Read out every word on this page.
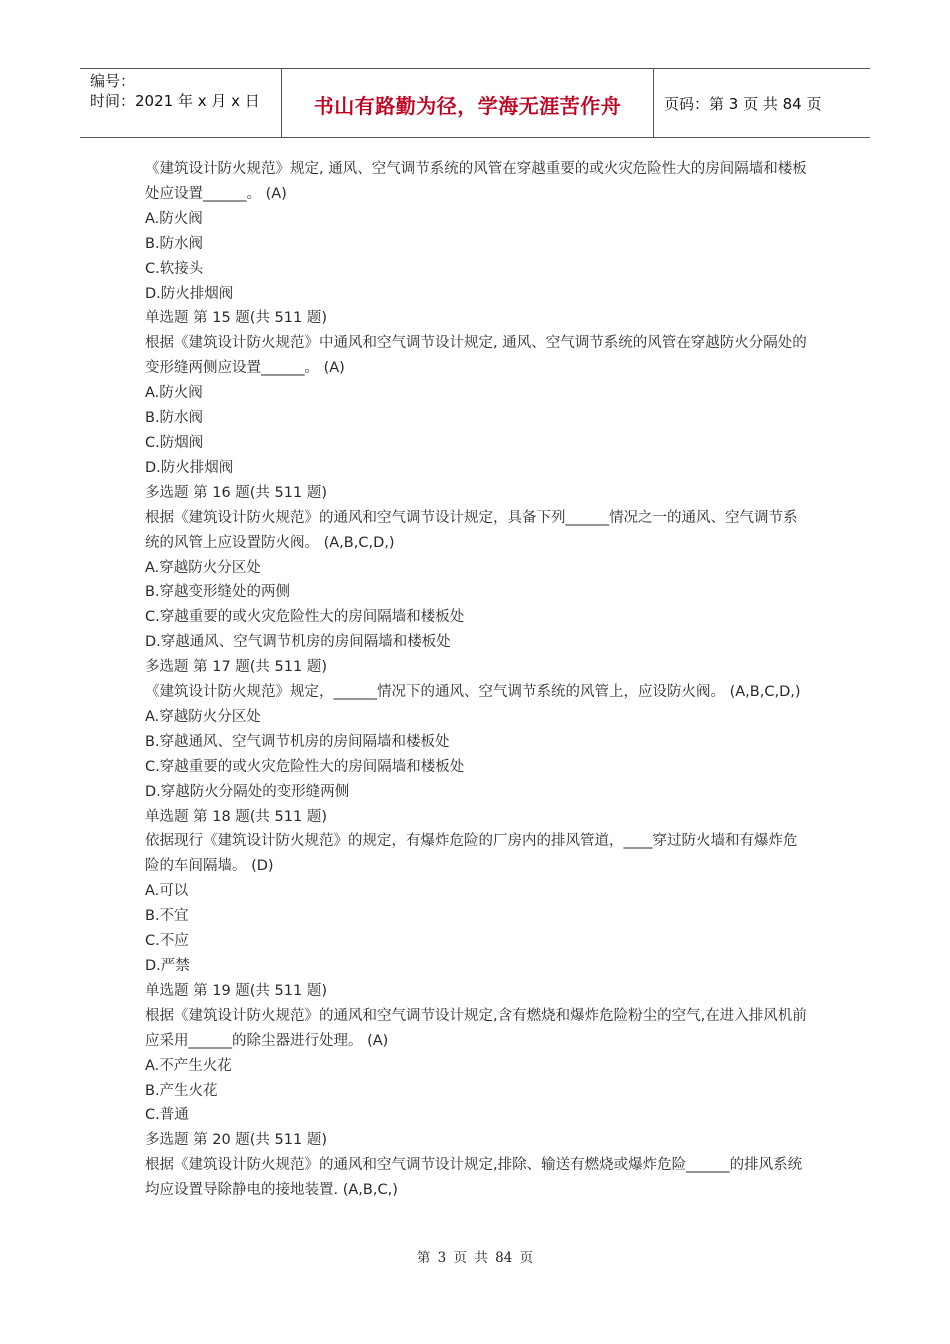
编号：
时间：2021 年 x 月 x 日	书山有路勤为径，学海无涯苦作舟	页码：第 3 页 共 84 页

《建筑设计防火规范》规定, 通风、空气调节系统的风管在穿越重要的或火灾危险性大的房间隔墙和楼板处应设置______。 (A)

A.防火阀

B.防水阀

C.软接头

D.防火排烟阀

单选题 第 15 题(共 511 题)

根据《建筑设计防火规范》中通风和空气调节设计规定, 通风、空气调节系统的风管在穿越防火分隔处的变形缝两侧应设置______。 (A)

A.防火阀

B.防水阀

C.防烟阀

D.防火排烟阀

多选题 第 16 题(共 511 题)

根据《建筑设计防火规范》的通风和空气调节设计规定，具备下列______情况之一的通风、空气调节系统的风管上应设置防火阀。 (A,B,C,D,)

A.穿越防火分区处

B.穿越变形缝处的两侧

C.穿越重要的或火灾危险性大的房间隔墙和楼板处

D.穿越通风、空气调节机房的房间隔墙和楼板处

多选题 第 17 题(共 511 题)

《建筑设计防火规范》规定，______情况下的通风、空气调节系统的风管上，应设防火阀。 (A,B,C,D,)

A.穿越防火分区处

B.穿越通风、空气调节机房的房间隔墙和楼板处

C.穿越重要的或火灾危险性大的房间隔墙和楼板处

D.穿越防火分隔处的变形缝两侧

单选题 第 18 题(共 511 题)

依据现行《建筑设计防火规范》的规定，有爆炸危险的厂房内的排风管道，____穿过防火墙和有爆炸危险的车间隔墙。 (D)

A.可以

B.不宜

C.不应

D.严禁

单选题 第 19 题(共 511 题)

根据《建筑设计防火规范》的通风和空气调节设计规定,含有燃烧和爆炸危险粉尘的空气,在进入排风机前应采用______的除尘器进行处理。 (A)

A.不产生火花

B.产生火花

C.普通

多选题 第 20 题(共 511 题)

根据《建筑设计防火规范》的通风和空气调节设计规定,排除、输送有燃烧或爆炸危险______的排风系统均应设置导除静电的接地装置. (A,B,C,)

第 3 页 共 84 页
